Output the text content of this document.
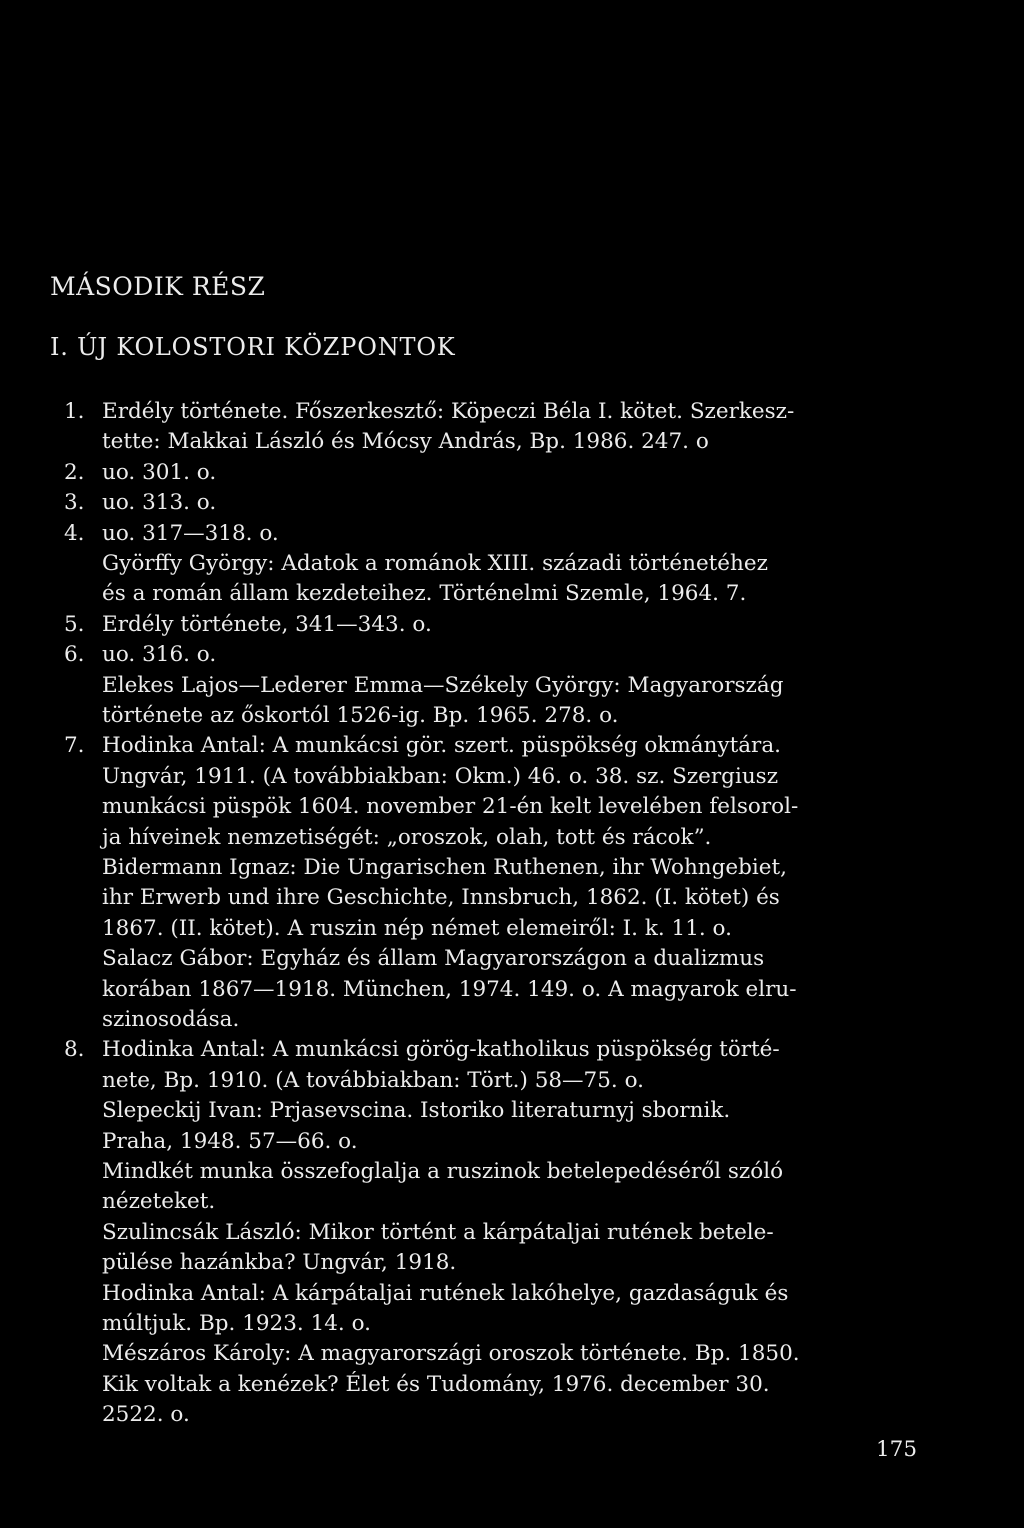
MÁSODIK RÉSZ
I. ÚJ KOLOSTORI KÖZPONTOK
1. Erdély története. Főszerkesztő: Köpeczi Béla I. kötet. Szerkesz-
tette: Makkai László és Mócsy András, Bp. 1986. 247. o
2. uo. 301. o.
3. uo. 313. o.
4. uo. 317—318. o.
Györffy György: Adatok a románok XIII. századi történetéhez
és a román állam kezdeteihez. Történelmi Szemle, 1964. 7.
5. Erdély története, 341—343. o.
6. uo. 316. o.
Elekes Lajos—Lederer Emma—Székely György: Magyarország
története az őskortól 1526-ig. Bp. 1965. 278. o.
7. Hodinka Antal: A munkácsi gör. szert. püspökség okmánytára.
Ungvár, 1911. (A továbbiakban: Okm.) 46. o. 38. sz. Szergiusz
munkácsi püspök 1604. november 21-én kelt levelében felsorol-
ja híveinek nemzetiségét: „oroszok, olah, tott és rácok”.
Bidermann Ignaz: Die Ungarischen Ruthenen, ihr Wohngebiet,
ihr Erwerb und ihre Geschichte, Innsbruch, 1862. (I. kötet) és
1867. (II. kötet). A ruszin nép német elemeiről: I. k. 11. o.
Salacz Gábor: Egyház és állam Magyarországon a dualizmus
korában 1867—1918. München, 1974. 149. o. A magyarok elru-
szinosodása.
8. Hodinka Antal: A munkácsi görög-katholikus püspökség törté-
nete, Bp. 1910. (A továbbiakban: Tört.) 58—75. o.
Slepeckij Ivan: Prjasevscina. Istoriko literaturnyj sbornik.
Praha, 1948. 57—66. o.
Mindkét munka összefoglalja a ruszinok betelepedéséről szóló
nézeteket.
Szulincsák László: Mikor történt a kárpátaljai rutének betele-
pülése hazánkba? Ungvár, 1918.
Hodinka Antal: A kárpátaljai rutének lakóhelye, gazdaságuk és
múltjuk. Bp. 1923. 14. o.
Mészáros Károly: A magyarországi oroszok története. Bp. 1850.
Kik voltak a kenézek? Élet és Tudomány, 1976. december 30.
2522. o.
175
